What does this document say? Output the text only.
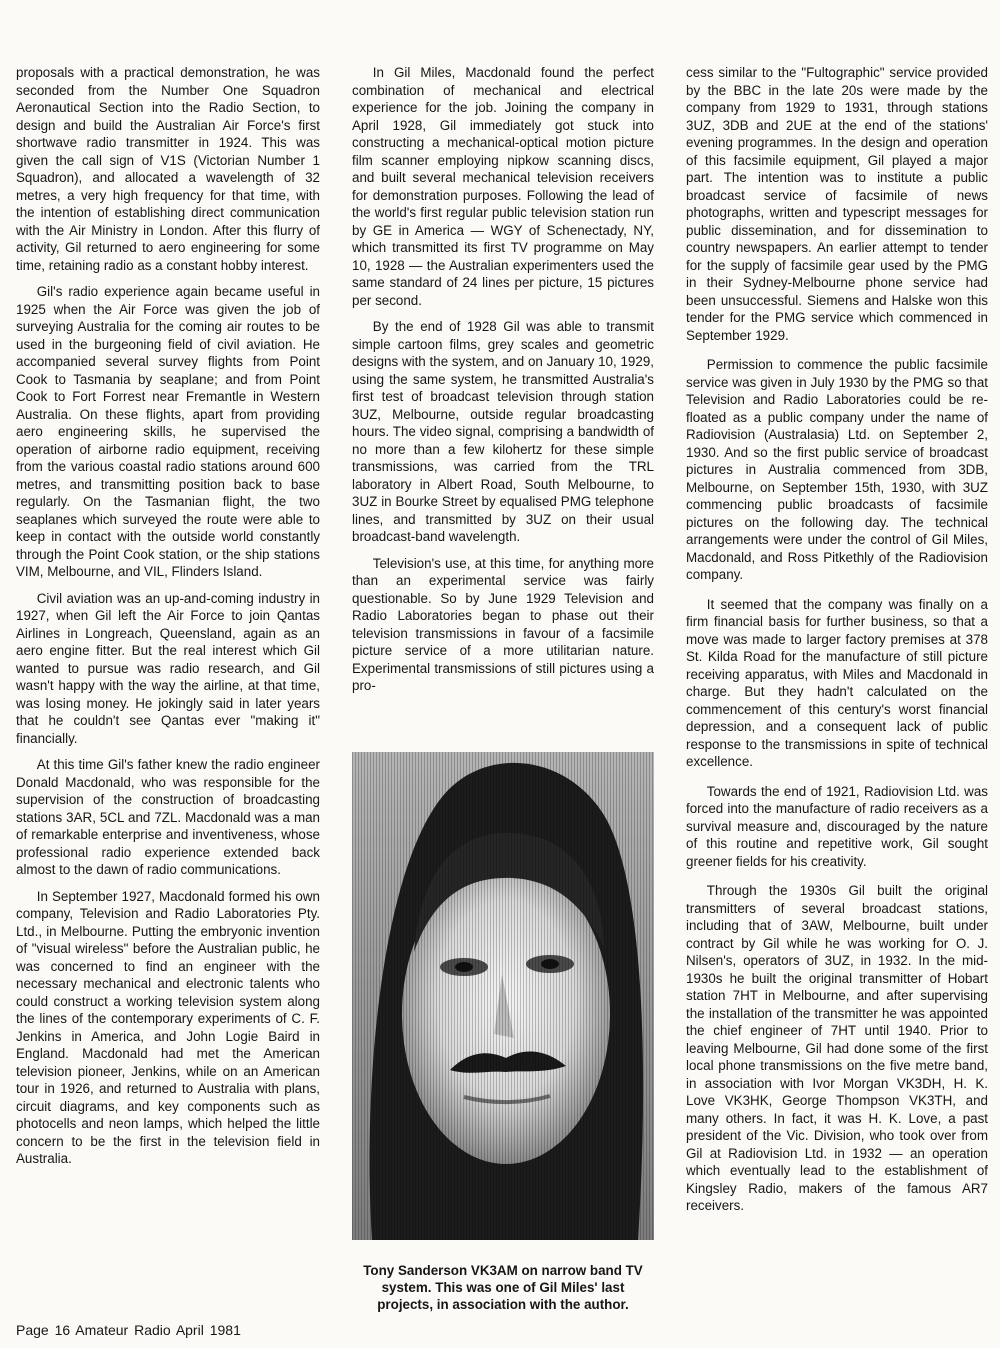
proposals with a practical demonstration, he was seconded from the Number One Squadron Aeronautical Section into the Radio Section, to design and build the Australian Air Force's first shortwave radio transmitter in 1924. This was given the call sign of V1S (Victorian Number 1 Squadron), and allocated a wavelength of 32 metres, a very high frequency for that time, with the intention of establishing direct communication with the Air Ministry in London. After this flurry of activity, Gil returned to aero engineering for some time, retaining radio as a constant hobby interest.

Gil's radio experience again became useful in 1925 when the Air Force was given the job of surveying Australia for the coming air routes to be used in the burgeoning field of civil aviation. He accompanied several survey flights from Point Cook to Tasmania by seaplane; and from Point Cook to Fort Forrest near Fremantle in Western Australia. On these flights, apart from providing aero engineering skills, he supervised the operation of airborne radio equipment, receiving from the various coastal radio stations around 600 metres, and transmitting position back to base regularly. On the Tasmanian flight, the two seaplanes which surveyed the route were able to keep in contact with the outside world constantly through the Point Cook station, or the ship stations VIM, Melbourne, and VIL, Flinders Island.

Civil aviation was an up-and-coming industry in 1927, when Gil left the Air Force to join Qantas Airlines in Longreach, Queensland, again as an aero engine fitter. But the real interest which Gil wanted to pursue was radio research, and Gil wasn't happy with the way the airline, at that time, was losing money. He jokingly said in later years that he couldn't see Qantas ever "making it" financially.

At this time Gil's father knew the radio engineer Donald Macdonald, who was responsible for the supervision of the construction of broadcasting stations 3AR, 5CL and 7ZL. Macdonald was a man of remarkable enterprise and inventiveness, whose professional radio experience extended back almost to the dawn of radio communications.

In September 1927, Macdonald formed his own company, Television and Radio Laboratories Pty. Ltd., in Melbourne. Putting the embryonic invention of "visual wireless" before the Australian public, he was concerned to find an engineer with the necessary mechanical and electronic talents who could construct a working television system along the lines of the contemporary experiments of C. F. Jenkins in America, and John Logie Baird in England. Macdonald had met the American television pioneer, Jenkins, while on an American tour in 1926, and returned to Australia with plans, circuit diagrams, and key components such as photocells and neon lamps, which helped the little concern to be the first in the television field in Australia.

In Gil Miles, Macdonald found the perfect combination of mechanical and electrical experience for the job. Joining the company in April 1928, Gil immediately got stuck into constructing a mechanical-optical motion picture film scanner employing nipkow scanning discs, and built several mechanical television receivers for demonstration purposes. Following the lead of the world's first regular public television station run by GE in America — WGY of Schenectady, NY, which transmitted its first TV programme on May 10, 1928 — the Australian experimenters used the same standard of 24 lines per picture, 15 pictures per second.

By the end of 1928 Gil was able to transmit simple cartoon films, grey scales and geometric designs with the system, and on January 10, 1929, using the same system, he transmitted Australia's first test of broadcast television through station 3UZ, Melbourne, outside regular broadcasting hours. The video signal, comprising a bandwidth of no more than a few kilohertz for these simple transmissions, was carried from the TRL laboratory in Albert Road, South Melbourne, to 3UZ in Bourke Street by equalised PMG telephone lines, and transmitted by 3UZ on their usual broadcast-band wavelength.

Television's use, at this time, for anything more than an experimental service was fairly questionable. So by June 1929 Television and Radio Laboratories began to phase out their television transmissions in favour of a facsimile picture service of a more utilitarian nature. Experimental transmissions of still pictures using a pro-

Tony Sanderson VK3AM on narrow band TV system. This was one of Gil Miles' last projects, in association with the author.

cess similar to the "Fultographic" service provided by the BBC in the late 20s were made by the company from 1929 to 1931, through stations 3UZ, 3DB and 2UE at the end of the stations' evening programmes. In the design and operation of this facsimile equipment, Gil played a major part. The intention was to institute a public broadcast service of facsimile of news photographs, written and typescript messages for public dissemination, and for dissemination to country newspapers. An earlier attempt to tender for the supply of facsimile gear used by the PMG in their Sydney-Melbourne phone service had been unsuccessful. Siemens and Halske won this tender for the PMG service which commenced in September 1929.

Permission to commence the public facsimile service was given in July 1930 by the PMG so that Television and Radio Laboratories could be re-floated as a public company under the name of Radiovision (Australasia) Ltd. on September 2, 1930. And so the first public service of broadcast pictures in Australia commenced from 3DB, Melbourne, on September 15th, 1930, with 3UZ commencing public broadcasts of facsimile pictures on the following day. The technical arrangements were under the control of Gil Miles, Macdonald, and Ross Pitkethly of the Radiovision company.

It seemed that the company was finally on a firm financial basis for further business, so that a move was made to larger factory premises at 378 St. Kilda Road for the manufacture of still picture receiving apparatus, with Miles and Macdonald in charge. But they hadn't calculated on the commencement of this century's worst financial depression, and a consequent lack of public response to the transmissions in spite of technical excellence.

Towards the end of 1921, Radiovision Ltd. was forced into the manufacture of radio receivers as a survival measure and, discouraged by the nature of this routine and repetitive work, Gil sought greener fields for his creativity.

Through the 1930s Gil built the original transmitters of several broadcast stations, including that of 3AW, Melbourne, built under contract by Gil while he was working for O. J. Nilsen's, operators of 3UZ, in 1932. In the mid-1930s he built the original transmitter of Hobart station 7HT in Melbourne, and after supervising the installation of the transmitter he was appointed the chief engineer of 7HT until 1940. Prior to leaving Melbourne, Gil had done some of the first local phone transmissions on the five metre band, in association with Ivor Morgan VK3DH, H. K. Love VK3HK, George Thompson VK3TH, and many others. In fact, it was H. K. Love, a past president of the Vic. Division, who took over from Gil at Radiovision Ltd. in 1932 — an operation which eventually lead to the establishment of Kingsley Radio, makers of the famous AR7 receivers.

Page 16 Amateur Radio April 1981
